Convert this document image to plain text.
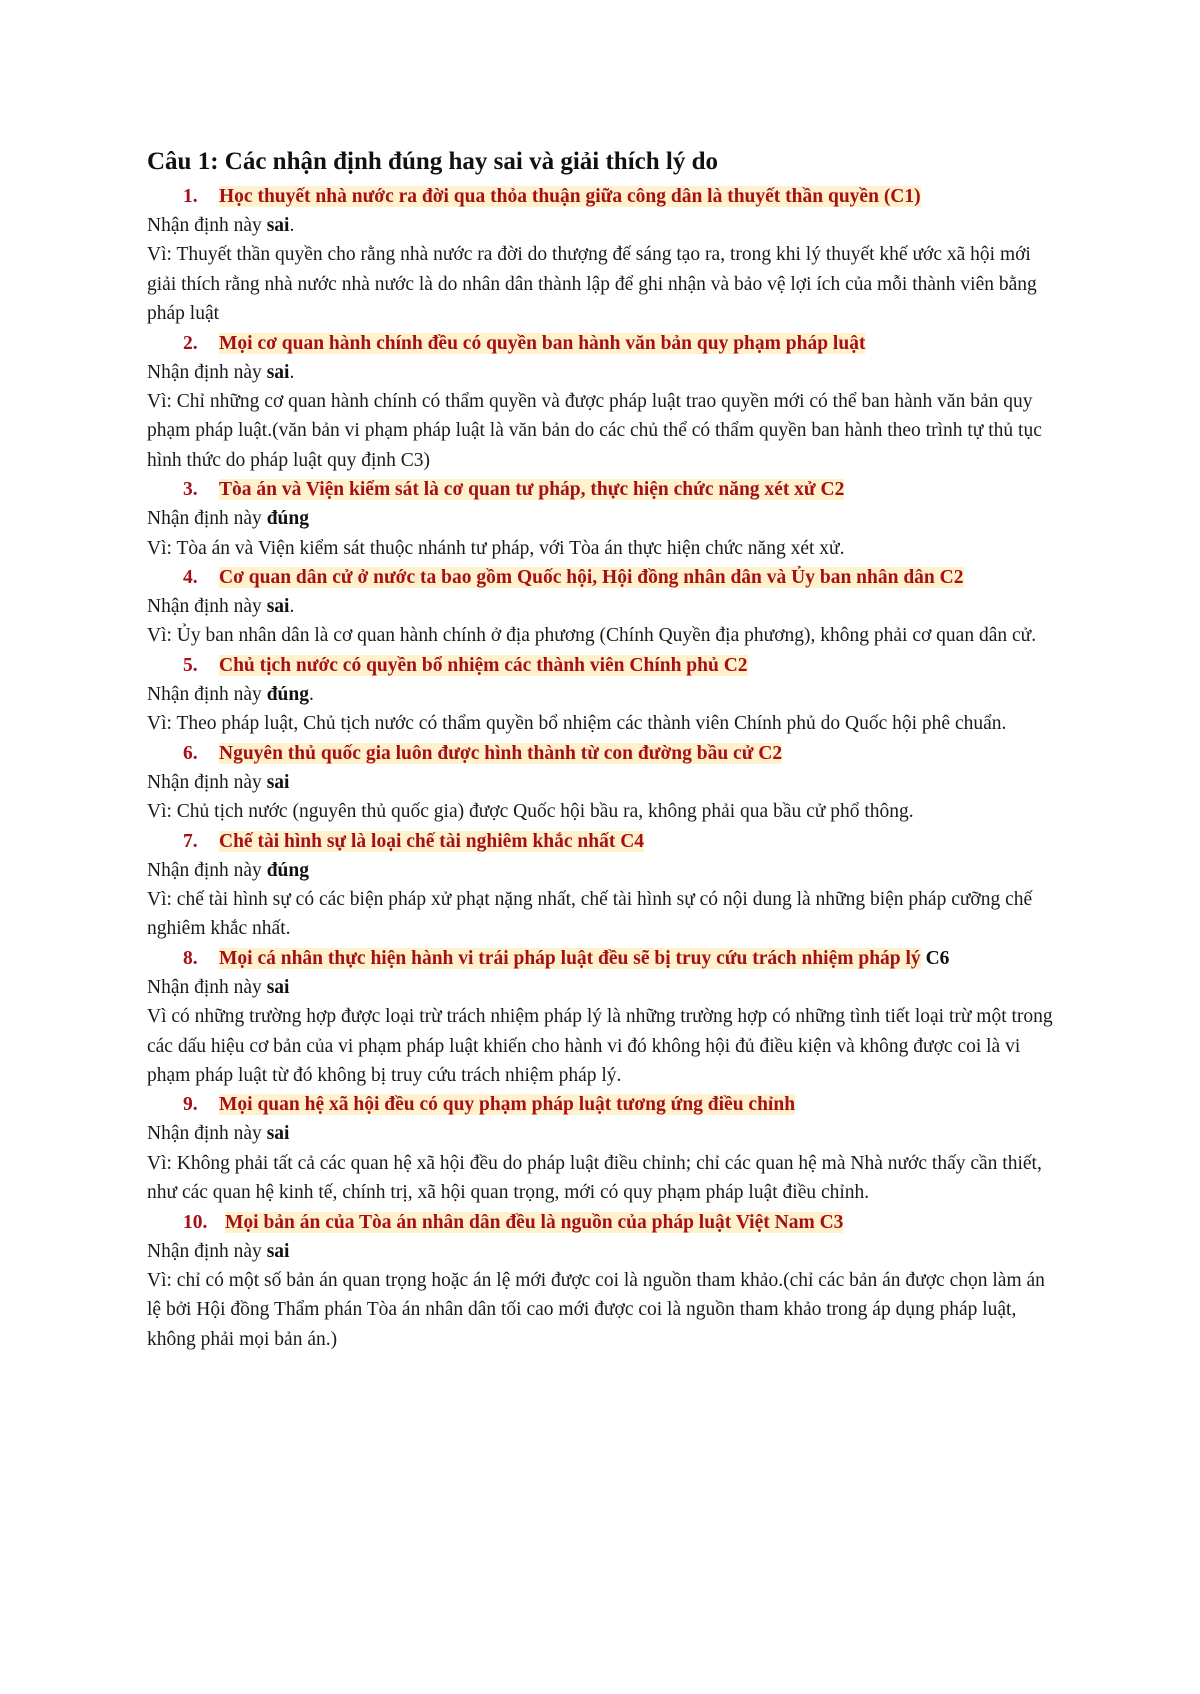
Câu 1: Các nhận định đúng hay sai và giải thích lý do
1.	Học thuyết nhà nước ra đời qua thỏa thuận giữa công dân là thuyết thần quyền (C1)

Nhận định này sai.

Vì: Thuyết thần quyền cho rằng nhà nước ra đời do thượng đế sáng tạo ra, trong khi lý thuyết khế ước xã hội mới giải thích rằng nhà nước nhà nước là do nhân dân thành lập để ghi nhận và bảo vệ lợi ích của mỗi thành viên bằng pháp luật

2.	Mọi cơ quan hành chính đều có quyền ban hành văn bản quy phạm pháp luật

Nhận định này sai.

Vì: Chỉ những cơ quan hành chính có thẩm quyền và được pháp luật trao quyền mới có thể ban hành văn bản quy phạm pháp luật.(văn bản vi phạm pháp luật là văn bản do các chủ thể có thẩm quyền ban hành theo trình tự thủ tục hình thức do pháp luật quy định C3)

3.	Tòa án và Viện kiểm sát là cơ quan tư pháp, thực hiện chức năng xét xử C2

Nhận định này đúng

Vì: Tòa án và Viện kiểm sát thuộc nhánh tư pháp, với Tòa án thực hiện chức năng xét xử.

4.	Cơ quan dân cử ở nước ta bao gồm Quốc hội, Hội đồng nhân dân và Ủy ban nhân dân C2

Nhận định này sai.

Vì: Ủy ban nhân dân là cơ quan hành chính ở địa phương (Chính Quyền địa phương), không phải cơ quan dân cử.

5.	Chủ tịch nước có quyền bổ nhiệm các thành viên Chính phủ C2

Nhận định này đúng.

Vì: Theo pháp luật, Chủ tịch nước có thẩm quyền bổ nhiệm các thành viên Chính phủ do Quốc hội phê chuẩn.

6.	Nguyên thủ quốc gia luôn được hình thành từ con đường bầu cử C2

Nhận định này sai

Vì: Chủ tịch nước (nguyên thủ quốc gia) được Quốc hội bầu ra, không phải qua bầu cử phổ thông.

7.	Chế tài hình sự là loại chế tài nghiêm khắc nhất C4

Nhận định này đúng

Vì: chế tài hình sự có các biện pháp xử phạt nặng nhất, chế tài hình sự có nội dung là những biện pháp cưỡng chế nghiêm khắc nhất.

8.	Mọi cá nhân thực hiện hành vi trái pháp luật đều sẽ bị truy cứu trách nhiệm pháp lý C6

Nhận định này sai

Vì có những trường hợp được loại trừ trách nhiệm pháp lý là những trường hợp có những tình tiết loại trừ một trong các dấu hiệu cơ bản của vi phạm pháp luật khiến cho hành vi đó không hội đủ điều kiện và không được coi là vi phạm pháp luật từ đó không bị truy cứu trách nhiệm pháp lý.

9.	Mọi quan hệ xã hội đều có quy phạm pháp luật tương ứng điều chỉnh

Nhận định này sai

Vì: Không phải tất cả các quan hệ xã hội đều do pháp luật điều chỉnh; chỉ các quan hệ mà Nhà nước thấy cần thiết, như các quan hệ kinh tế, chính trị, xã hội quan trọng, mới có quy phạm pháp luật điều chỉnh.

10. Mọi bản án của Tòa án nhân dân đều là nguồn của pháp luật Việt Nam C3

Nhận định này sai

Vì: chỉ có một số bản án quan trọng hoặc án lệ mới được coi là nguồn tham khảo.(chỉ các bản án được chọn làm án lệ bởi Hội đồng Thẩm phán Tòa án nhân dân tối cao mới được coi là nguồn tham khảo trong áp dụng pháp luật, không phải mọi bản án.)
